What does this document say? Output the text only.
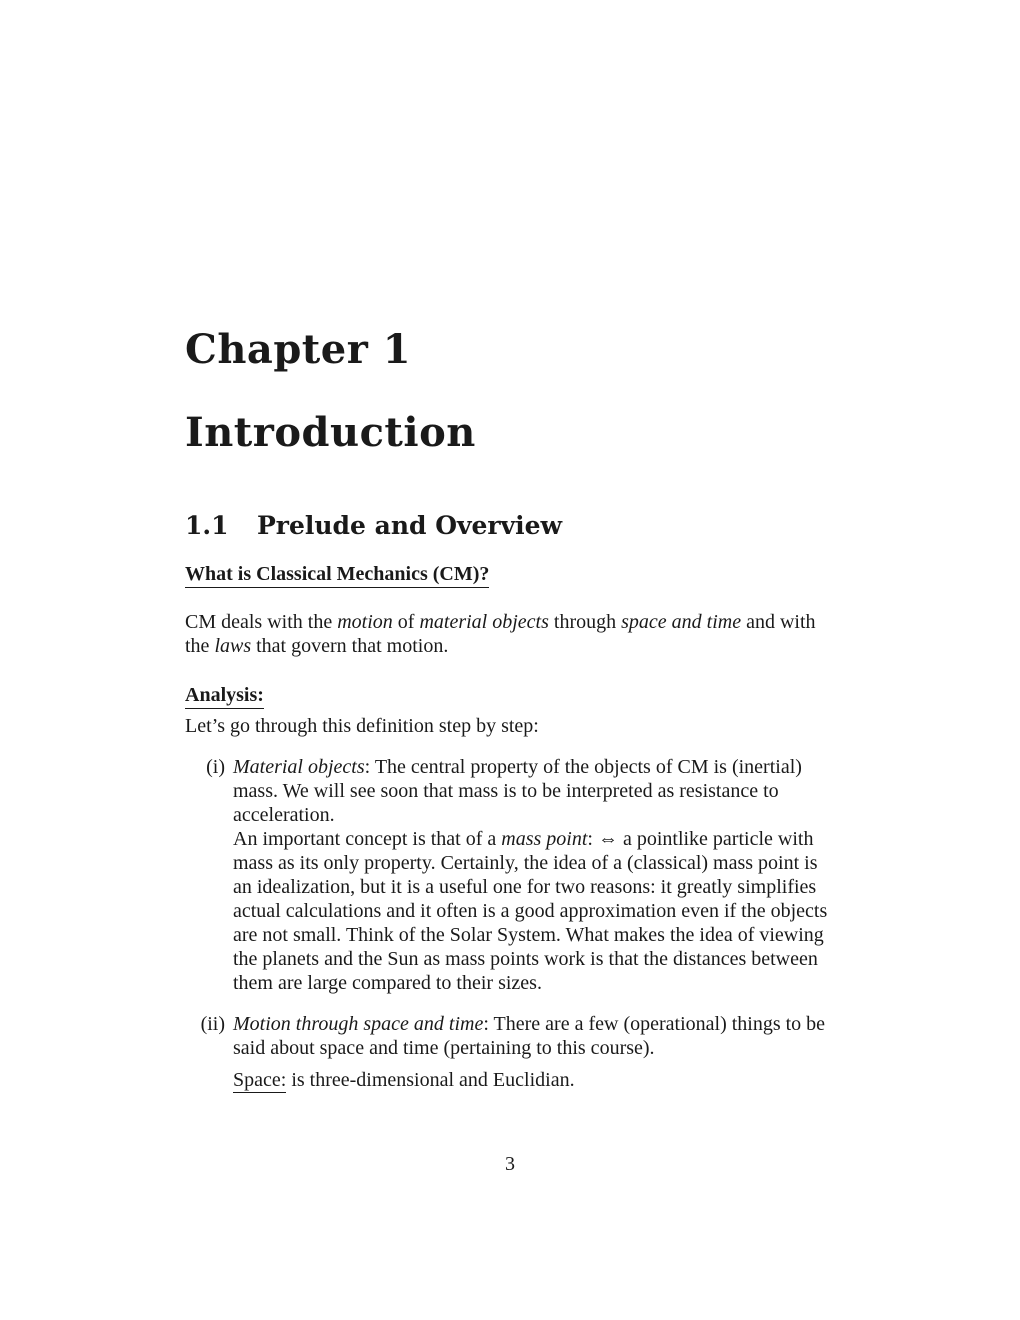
Chapter 1
Introduction
1.1 Prelude and Overview
What is Classical Mechanics (CM)?

CM deals with the motion of material objects through space and time and with the laws that govern that motion.

Analysis:

Let’s go through this definition step by step:

(i) Material objects: The central property of the objects of CM is (inertial) mass. We will see soon that mass is to be interpreted as resistance to acceleration.

An important concept is that of a mass point: ⇔ a pointlike particle with mass as its only property. Certainly, the idea of a (classical) mass point is an idealization, but it is a useful one for two reasons: it greatly simplifies actual calculations and it often is a good approximation even if the objects are not small. Think of the Solar System. What makes the idea of viewing the planets and the Sun as mass points work is that the distances between them are large compared to their sizes.

(ii) Motion through space and time: There are a few (operational) things to be said about space and time (pertaining to this course).

Space: is three-dimensional and Euclidian.

3
